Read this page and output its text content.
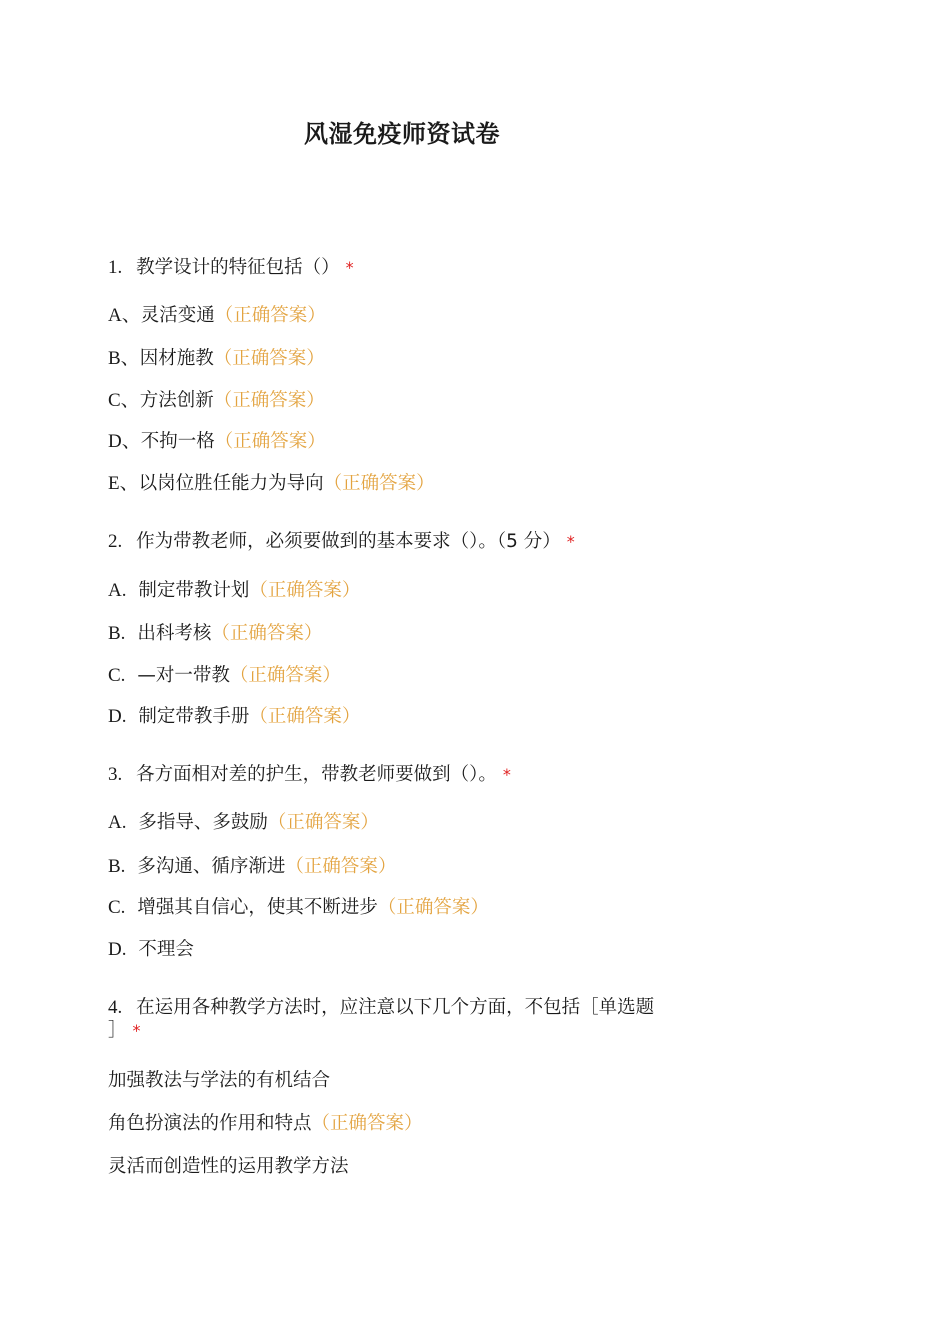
风湿免疫师资试卷
1. 教学设计的特征包括（） *
A、灵活变通（正确答案）
B、因材施教（正确答案）
C、方法创新（正确答案）
D、不拘一格（正确答案）
E、以岗位胜任能力为导向（正确答案）
2. 作为带教老师，必须要做到的基本要求（）。（5 分） *
A. 制定带教计划（正确答案）
B. 出科考核（正确答案）
C. —对一带教（正确答案）
D. 制定带教手册（正确答案）
3. 各方面相对差的护生，带教老师要做到（）。 *
A. 多指导、多鼓励（正确答案）
B. 多沟通、循序渐进（正确答案）
C. 增强其自信心，使其不断进步（正确答案）
D. 不理会
4. 在运用各种教学方法时，应注意以下几个方面，不包括［单选题
］ *
加强教法与学法的有机结合
角色扮演法的作用和特点（正确答案）
灵活而创造性的运用教学方法
